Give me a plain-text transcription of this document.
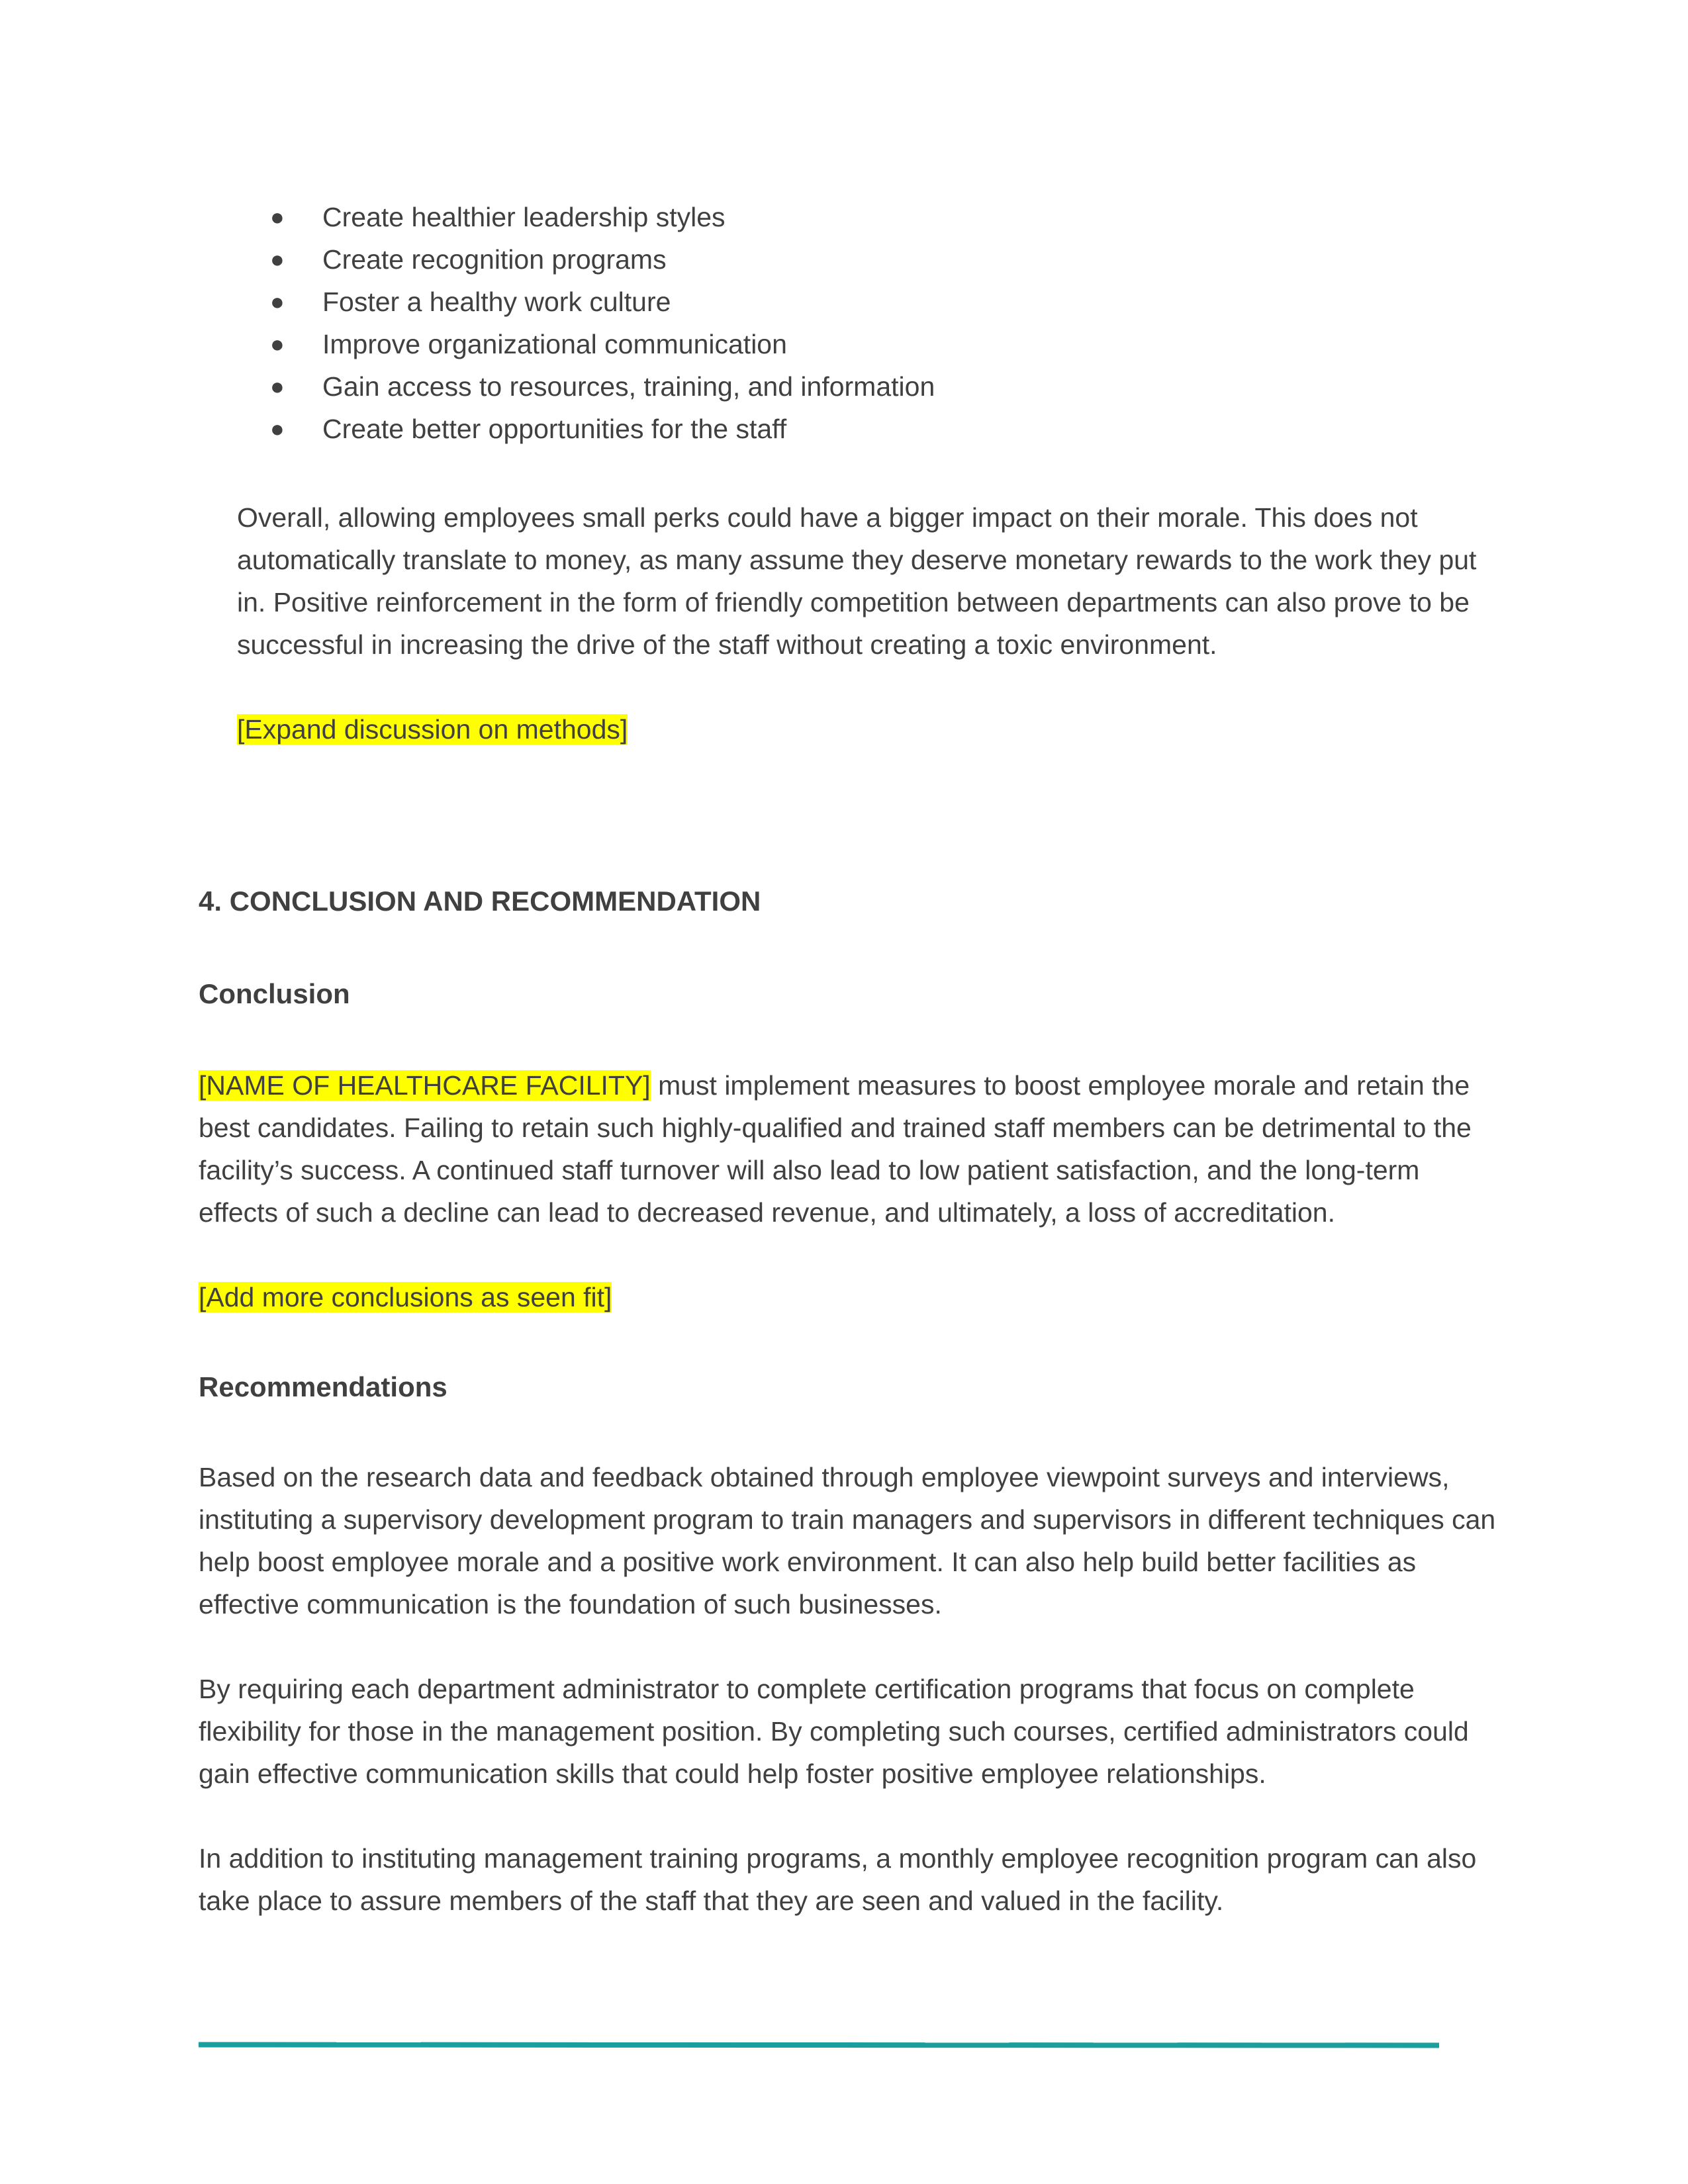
● Create healthier leadership styles
● Create recognition programs
● Foster a healthy work culture
● Improve organizational communication
● Gain access to resources, training, and information
● Create better opportunities for the staff

Overall, allowing employees small perks could have a bigger impact on their morale. This does not automatically translate to money, as many assume they deserve monetary rewards to the work they put in. Positive reinforcement in the form of friendly competition between departments can also prove to be successful in increasing the drive of the staff without creating a toxic environment.

[Expand discussion on methods]

4. CONCLUSION AND RECOMMENDATION
Conclusion

[NAME OF HEALTHCARE FACILITY] must implement measures to boost employee morale and retain the best candidates. Failing to retain such highly-qualified and trained staff members can be detrimental to the facility’s success. A continued staff turnover will also lead to low patient satisfaction, and the long-term effects of such a decline can lead to decreased revenue, and ultimately, a loss of accreditation.

[Add more conclusions as seen fit]

Recommendations

Based on the research data and feedback obtained through employee viewpoint surveys and interviews, instituting a supervisory development program to train managers and supervisors in different techniques can help boost employee morale and a positive work environment. It can also help build better facilities as effective communication is the foundation of such businesses.

By requiring each department administrator to complete certification programs that focus on complete flexibility for those in the management position. By completing such courses, certified administrators could gain effective communication skills that could help foster positive employee relationships.

In addition to instituting management training programs, a monthly employee recognition program can also take place to assure members of the staff that they are seen and valued in the facility.
